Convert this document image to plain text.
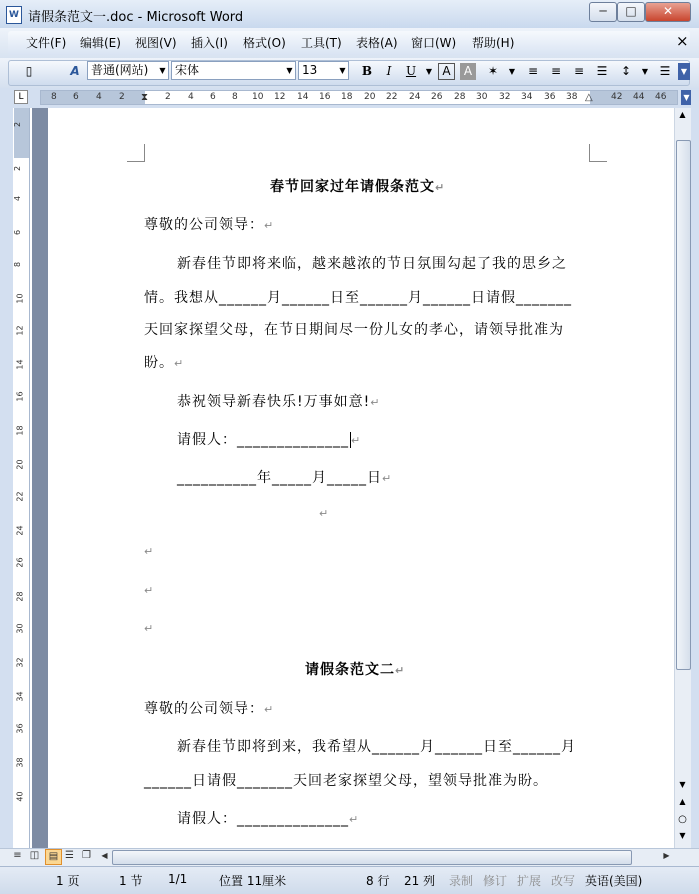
W 请假条范文一.doc - Microsoft Word	─	□	✕
文件(F) 编辑(E) 视图(V) 插入(I) 格式(O) 工具(T) 表格(A) 窗口(W) 帮助(H)	×
▯	A 普通(网站)	▼ 宋体	▼ 13	▼	B	I	U	▼ A	A	✶	▼	≡	≡	≡	☰	↕	▼ ☰	▼
L	8 6 4 2 ⧗ 2 4 6 8 10 12 14 16 18 20 22 24 26 28 30 32 34 36 38 △ 42 44 46	▼
2
2
4
6
8
10
12
14
16
18
20
22
24
26
28
30
32
34
36
38
40
春节回家过年请假条范文↵
尊敬的公司领导：↵
新春佳节即将来临，越来越浓的节日氛围勾起了我的思乡之
情。我想从______月______日至______月______日请假_______
天回家探望父母，在节日期间尽一份儿女的孝心，请领导批准为
盼。↵
恭祝领导新春快乐!万事如意!↵
请假人：______________ ↵
__________年_____月_____日↵
↵
↵
↵
↵
请假条范文二↵
尊敬的公司领导：↵
新春佳节即将到来，我希望从______月______日至______月
______日请假_______天回老家探望父母，望领导批准为盼。
请假人：______________↵
▲
▼
▲
○
▼
≡ ◫ ▤ ☰ ❐	◀	▶
1 页	1 节 1/1	位置 11厘米	8 行 21 列 录制 修订 扩展 改写 英语(美国)
